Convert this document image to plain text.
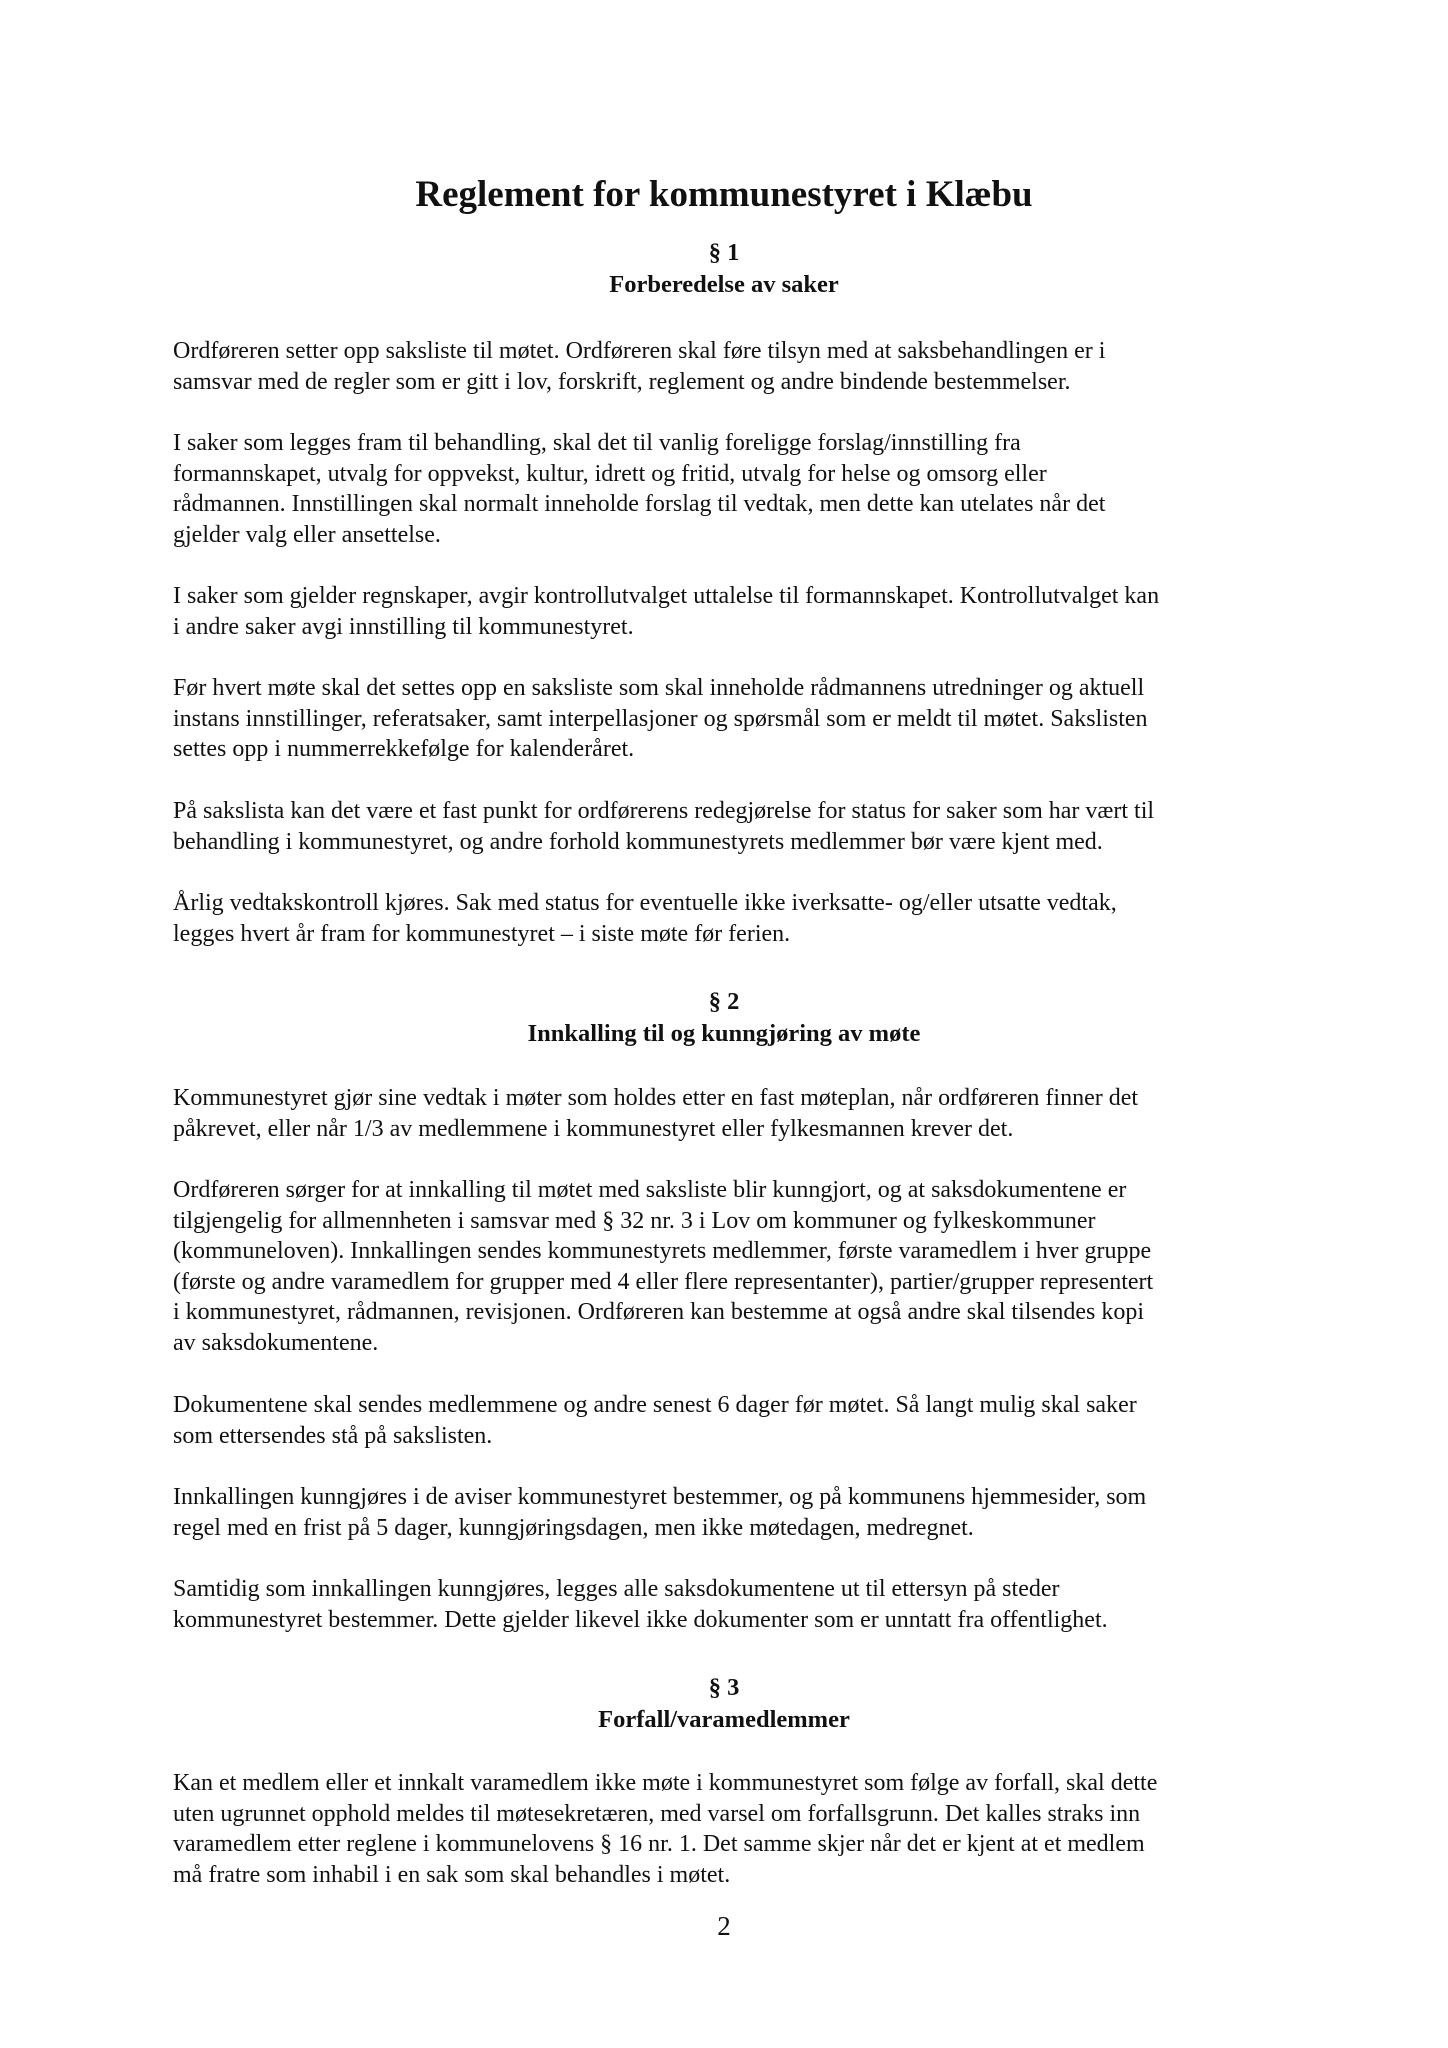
Reglement for kommunestyret i Klæbu
§ 1
Forberedelse av saker

Ordføreren setter opp saksliste til møtet. Ordføreren skal føre tilsyn med at saksbehandlingen er i
samsvar med de regler som er gitt i lov, forskrift, reglement og andre bindende bestemmelser.

I saker som legges fram til behandling, skal det til vanlig foreligge forslag/innstilling fra
formannskapet, utvalg for oppvekst, kultur, idrett og fritid, utvalg for helse og omsorg eller
rådmannen. Innstillingen skal normalt inneholde forslag til vedtak, men dette kan utelates når det
gjelder valg eller ansettelse.

I saker som gjelder regnskaper, avgir kontrollutvalget uttalelse til formannskapet. Kontrollutvalget kan
i andre saker avgi innstilling til kommunestyret.

Før hvert møte skal det settes opp en saksliste som skal inneholde rådmannens utredninger og aktuell
instans innstillinger, referatsaker, samt interpellasjoner og spørsmål som er meldt til møtet. Sakslisten
settes opp i nummerrekkefølge for kalenderåret.

På sakslista kan det være et fast punkt for ordførerens redegjørelse for status for saker som har vært til
behandling i kommunestyret, og andre forhold kommunestyrets medlemmer bør være kjent med.

Årlig vedtakskontroll kjøres. Sak med status for eventuelle ikke iverksatte- og/eller utsatte vedtak,
legges hvert år fram for kommunestyret – i siste møte før ferien.

§ 2
Innkalling til og kunngjøring av møte

Kommunestyret gjør sine vedtak i møter som holdes etter en fast møteplan, når ordføreren finner det
påkrevet, eller når 1/3 av medlemmene i kommunestyret eller fylkesmannen krever det.

Ordføreren sørger for at innkalling til møtet med saksliste blir kunngjort, og at saksdokumentene er
tilgjengelig for allmennheten i samsvar med § 32 nr. 3 i Lov om kommuner og fylkeskommuner
(kommuneloven). Innkallingen sendes kommunestyrets medlemmer, første varamedlem i hver gruppe
(første og andre varamedlem for grupper med 4 eller flere representanter), partier/grupper representert
i kommunestyret, rådmannen, revisjonen. Ordføreren kan bestemme at også andre skal tilsendes kopi
av saksdokumentene.

Dokumentene skal sendes medlemmene og andre senest 6 dager før møtet. Så langt mulig skal saker
som ettersendes stå på sakslisten.

Innkallingen kunngjøres i de aviser kommunestyret bestemmer, og på kommunens hjemmesider, som
regel med en frist på 5 dager, kunngjøringsdagen, men ikke møtedagen, medregnet.

Samtidig som innkallingen kunngjøres, legges alle saksdokumentene ut til ettersyn på steder
kommunestyret bestemmer. Dette gjelder likevel ikke dokumenter som er unntatt fra offentlighet.

§ 3
Forfall/varamedlemmer

Kan et medlem eller et innkalt varamedlem ikke møte i kommunestyret som følge av forfall, skal dette
uten ugrunnet opphold meldes til møtesekretæren, med varsel om forfallsgrunn. Det kalles straks inn
varamedlem etter reglene i kommunelovens § 16 nr. 1. Det samme skjer når det er kjent at et medlem
må fratre som inhabil i en sak som skal behandles i møtet.

2
